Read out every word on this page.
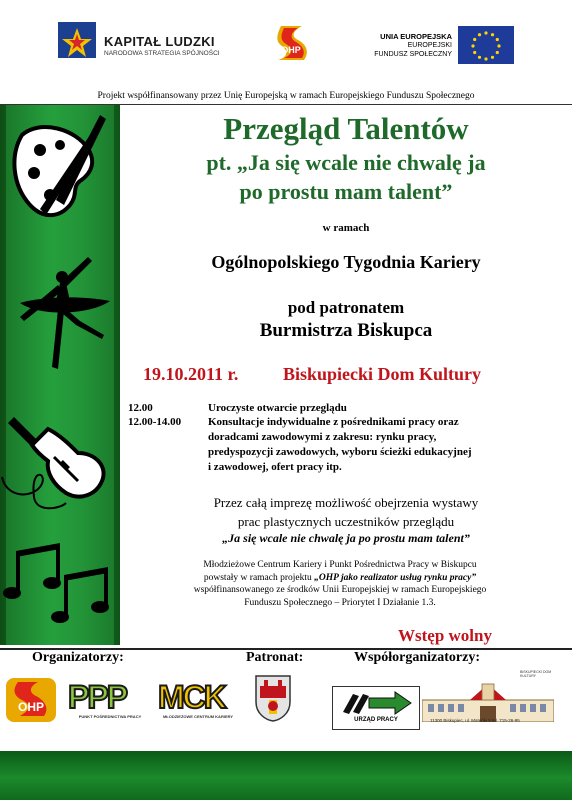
KAPITAŁ LUDZKI
NARODOWA STRATEGIA SPÓJNOŚCI	OHP
UNIA EUROPEJSKA
EUROPEJSKI
FUNDUSZ SPOŁECZNY
Projekt współfinansowany przez Unię Europejską w ramach Europejskiego Funduszu Społecznego
Przegląd Talentów
pt. „Ja się wcale nie chwalę ja
po prostu mam talent”
w ramach
Ogólnopolskiego Tygodnia Kariery
pod patronatem
Burmistrza Biskupca
19.10.2011 r. Biskupiecki Dom Kultury
12.00	Uroczyste otwarcie przeglądu
12.00-14.00 Konsultacje indywidualne z pośrednikami pracy oraz
doradcami zawodowymi z zakresu: rynku pracy,
predyspozycji zawodowych, wyboru ścieżki edukacyjnej
i zawodowej, ofert pracy itp.
Przez całą imprezę możliwość obejrzenia wystawy
prac plastycznych uczestników przeglądu
„Ja się wcale nie chwalę ja po prostu mam talent”
Młodzieżowe Centrum Kariery i Punkt Pośrednictwa Pracy w Biskupcu
powstały w ramach projektu „OHP jako realizator usług rynku pracy”
współfinansowanego ze środków Unii Europejskiej w ramach Europejskiego
Funduszu Społecznego – Priorytet I Działanie 1.3.
Wstęp wolny
Organizatorzy:	Patronat:	Współorganizatorzy:
OHP PPP
PUNKT POŚREDNICTWA PRACY
MCK
MŁODZIEŻOWE CENTRUM KARIERY
URZĄD PRACY
BISKUPIECKI DOM KULTURY
11300 Biskupiec, ul. Mateńki 5 tel. 715-26-95
